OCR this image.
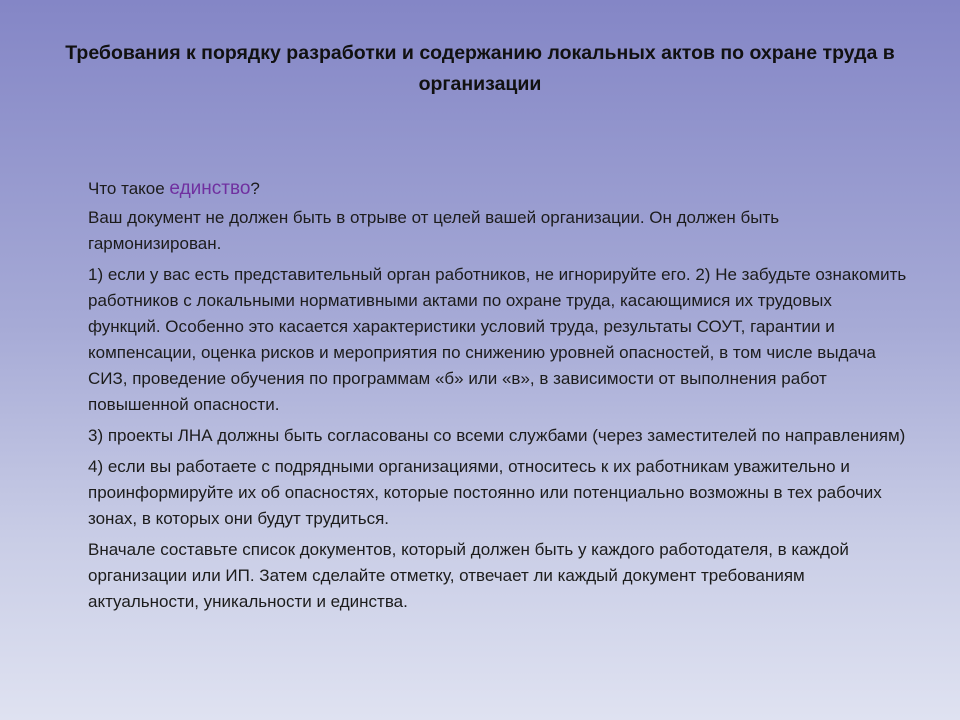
Требования к порядку разработки и содержанию локальных актов по охране труда в организации

Что такое единство?

Ваш документ не должен быть в отрыве от целей вашей организации. Он должен быть гармонизирован.

1) если у вас есть представительный орган работников, не игнорируйте его. 2) Не забудьте ознакомить работников с локальными нормативными актами по охране труда, касающимися их трудовых функций. Особенно это касается характеристики условий труда, результаты СОУТ, гарантии и компенсации, оценка рисков и мероприятия по снижению уровней опасностей, в том числе выдача СИЗ, проведение обучения по программам «б» или «в», в зависимости от выполнения работ повышенной опасности.

3) проекты ЛНА должны быть согласованы со всеми службами (через заместителей по направлениям)

4) если вы работаете с подрядными организациями, относитесь к их работникам уважительно и проинформируйте их об опасностях, которые постоянно или потенциально возможны в тех рабочих зонах, в которых они будут трудиться.

Вначале составьте список документов, который должен быть у каждого работодателя, в каждой организации или ИП. Затем сделайте отметку, отвечает ли каждый документ требованиям актуальности, уникальности и единства.
